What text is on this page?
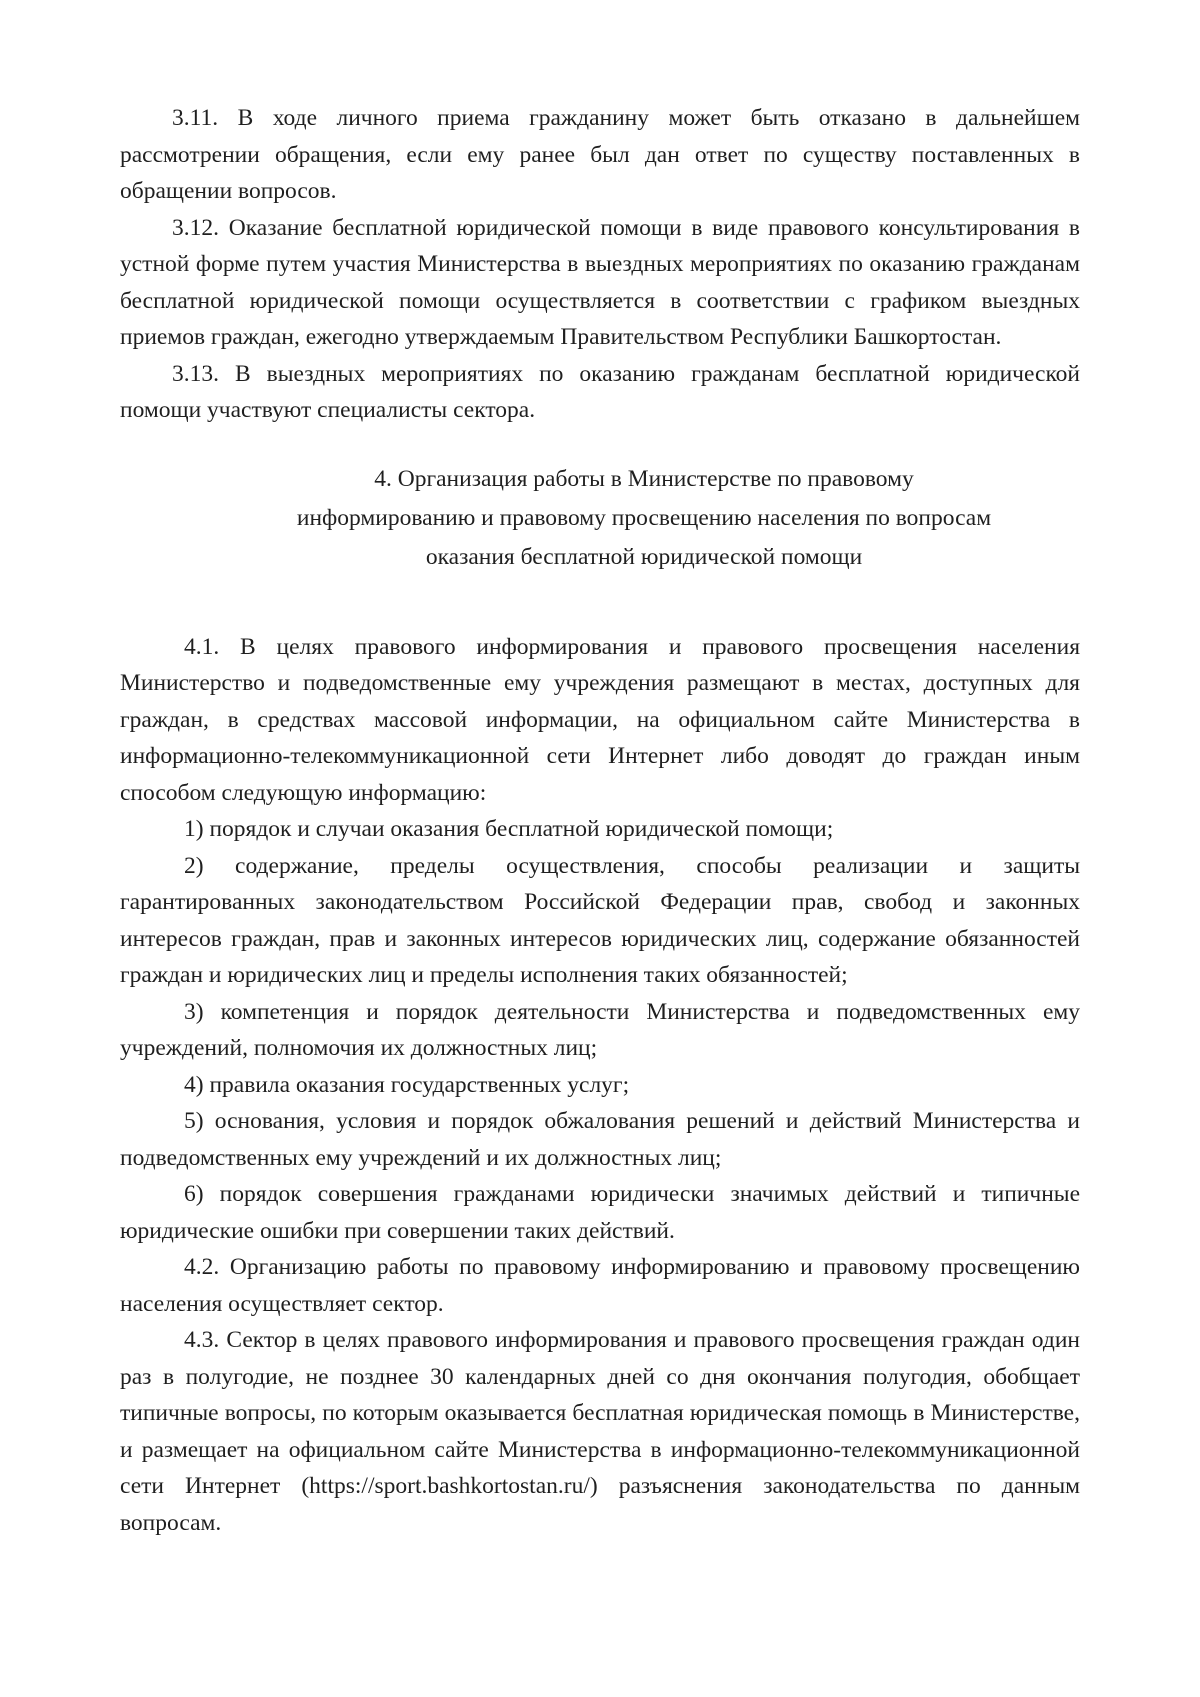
3.11. В ходе личного приема гражданину может быть отказано в дальнейшем рассмотрении обращения, если ему ранее был дан ответ по существу поставленных в обращении вопросов.

3.12. Оказание бесплатной юридической помощи в виде правового консультирования в устной форме путем участия Министерства в выездных мероприятиях по оказанию гражданам бесплатной юридической помощи осуществляется в соответствии с графиком выездных приемов граждан, ежегодно утверждаемым Правительством Республики Башкортостан.

3.13. В выездных мероприятиях по оказанию гражданам бесплатной юридической помощи участвуют специалисты сектора.

4. Организация работы в Министерстве по правовому
информированию и правовому просвещению населения по вопросам
оказания бесплатной юридической помощи

4.1. В целях правового информирования и правового просвещения населения Министерство и подведомственные ему учреждения размещают в местах, доступных для граждан, в средствах массовой информации, на официальном сайте Министерства в информационно-телекоммуникационной сети Интернет либо доводят до граждан иным способом следующую информацию:

1) порядок и случаи оказания бесплатной юридической помощи;

2) содержание, пределы осуществления, способы реализации и защиты гарантированных законодательством Российской Федерации прав, свобод и законных интересов граждан, прав и законных интересов юридических лиц, содержание обязанностей граждан и юридических лиц и пределы исполнения таких обязанностей;

3) компетенция и порядок деятельности Министерства и подведомственных ему учреждений, полномочия их должностных лиц;

4) правила оказания государственных услуг;

5) основания, условия и порядок обжалования решений и действий Министерства и подведомственных ему учреждений и их должностных лиц;

6) порядок совершения гражданами юридически значимых действий и типичные юридические ошибки при совершении таких действий.

4.2. Организацию работы по правовому информированию и правовому просвещению населения осуществляет сектор.

4.3. Сектор в целях правового информирования и правового просвещения граждан один раз в полугодие, не позднее 30 календарных дней со дня окончания полугодия, обобщает типичные вопросы, по которым оказывается бесплатная юридическая помощь в Министерстве, и размещает на официальном сайте Министерства в информационно-телекоммуникационной сети Интернет (https://sport.bashkortostan.ru/) разъяснения законодательства по данным вопросам.
